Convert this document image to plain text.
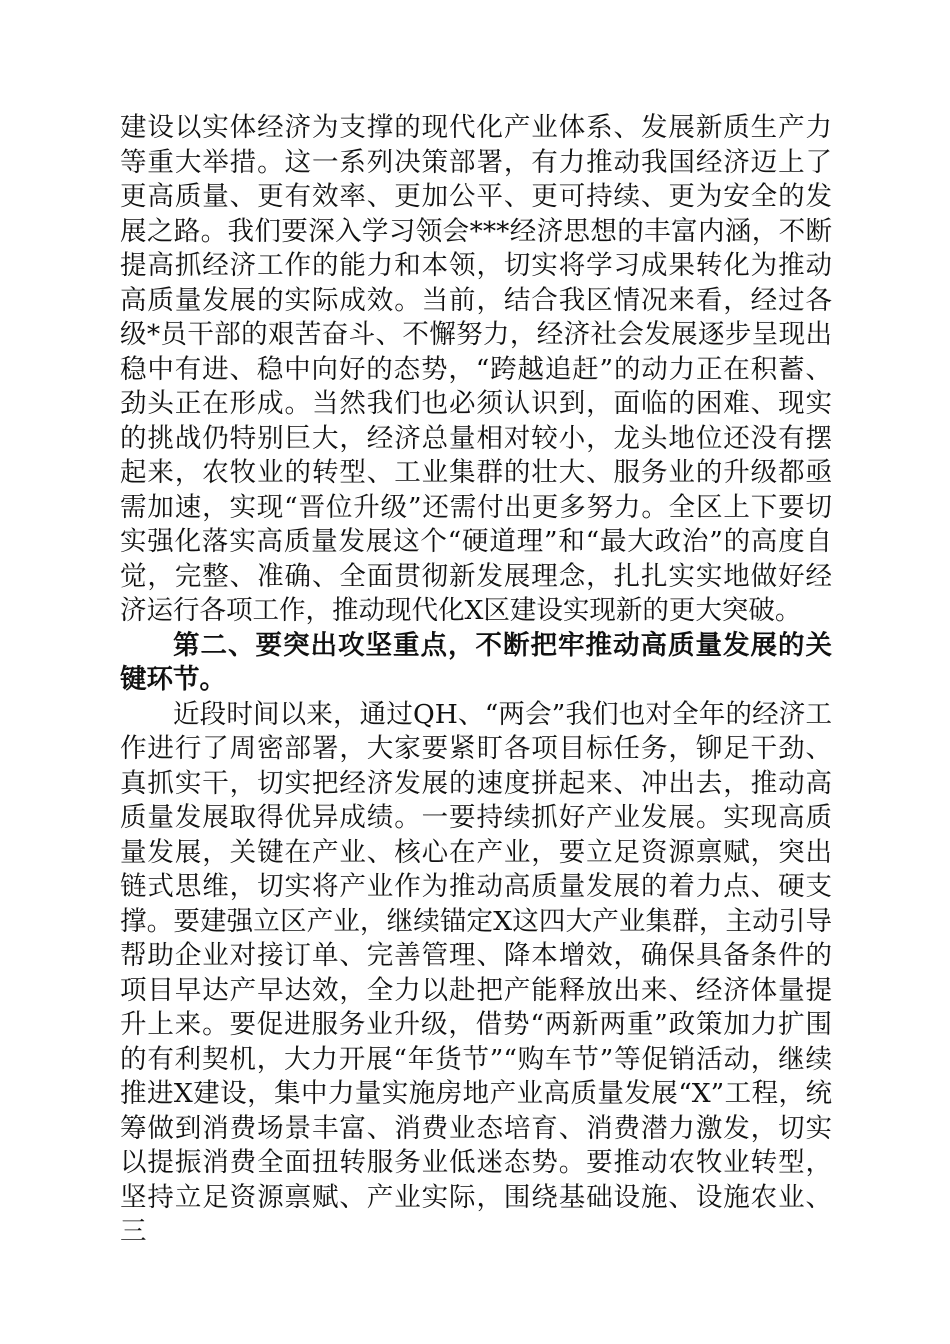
建设以实体经济为支撑的现代化产业体系、发展新质生产力等重大举措。这一系列决策部署，有力推动我国经济迈上了更高质量、更有效率、更加公平、更可持续、更为安全的发展之路。我们要深入学习领会***经济思想的丰富内涵，不断提高抓经济工作的能力和本领，切实将学习成果转化为推动高质量发展的实际成效。当前，结合我区情况来看，经过各级*员干部的艰苦奋斗、不懈努力，经济社会发展逐步呈现出稳中有进、稳中向好的态势，“跨越追赶”的动力正在积蓄、劲头正在形成。当然我们也必须认识到，面临的困难、现实的挑战仍特别巨大，经济总量相对较小，龙头地位还没有摆起来，农牧业的转型、工业集群的壮大、服务业的升级都亟需加速，实现“晋位升级”还需付出更多努力。全区上下要切实强化落实高质量发展这个“硬道理”和“最大政治”的高度自觉，完整、准确、全面贯彻新发展理念，扎扎实实地做好经济运行各项工作，推动现代化X区建设实现新的更大突破。

第二、要突出攻坚重点，不断把牢推动高质量发展的关键环节。

近段时间以来，通过QH、“两会”我们也对全年的经济工作进行了周密部署，大家要紧盯各项目标任务，铆足干劲、真抓实干，切实把经济发展的速度拼起来、冲出去，推动高质量发展取得优异成绩。一要持续抓好产业发展。实现高质量发展，关键在产业、核心在产业，要立足资源禀赋，突出链式思维，切实将产业作为推动高质量发展的着力点、硬支撑。要建强立区产业，继续锚定X这四大产业集群，主动引导帮助企业对接订单、完善管理、降本增效，确保具备条件的项目早达产早达效，全力以赴把产能释放出来、经济体量提升上来。要促进服务业升级，借势“两新两重”政策加力扩围的有利契机，大力开展“年货节”“购车节”等促销活动，继续推进X建设，集中力量实施房地产业高质量发展“X”工程，统筹做到消费场景丰富、消费业态培育、消费潜力激发，切实以提振消费全面扭转服务业低迷态势。要推动农牧业转型，坚持立足资源禀赋、产业实际，围绕基础设施、设施农业、三
